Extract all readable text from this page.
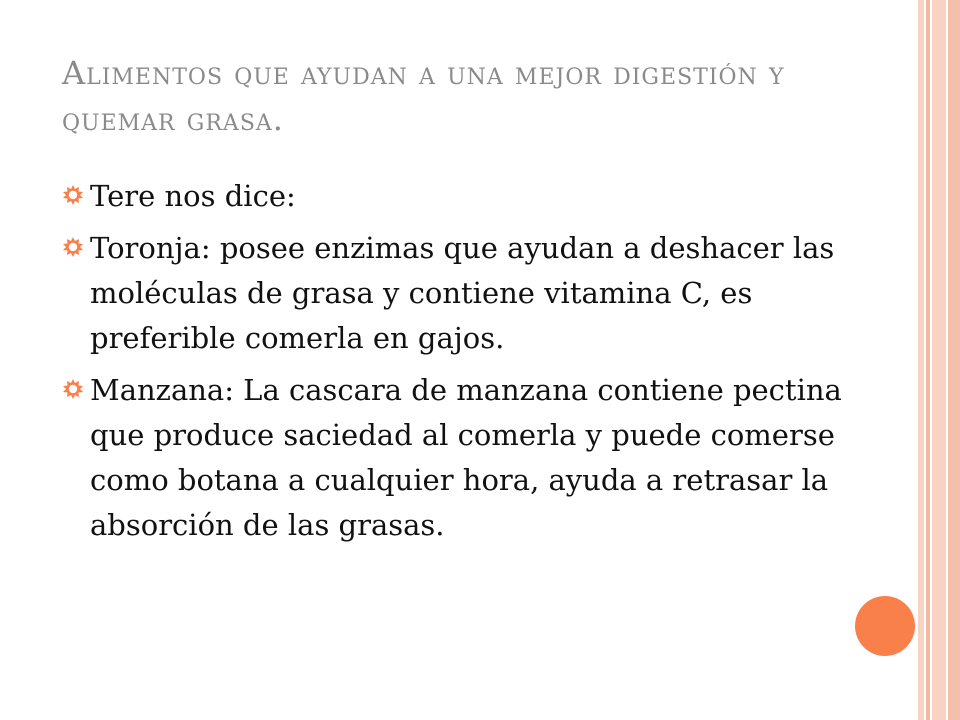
Alimentos que ayudan a una mejor digestión y quemar grasa.
Tere nos dice:
Toronja: posee enzimas que ayudan a deshacer las moléculas de grasa y contiene vitamina C, es preferible comerla en gajos.
Manzana: La cascara de manzana contiene pectina que produce saciedad al comerla y puede comerse como botana a cualquier hora, ayuda a retrasar la absorción de las grasas.
